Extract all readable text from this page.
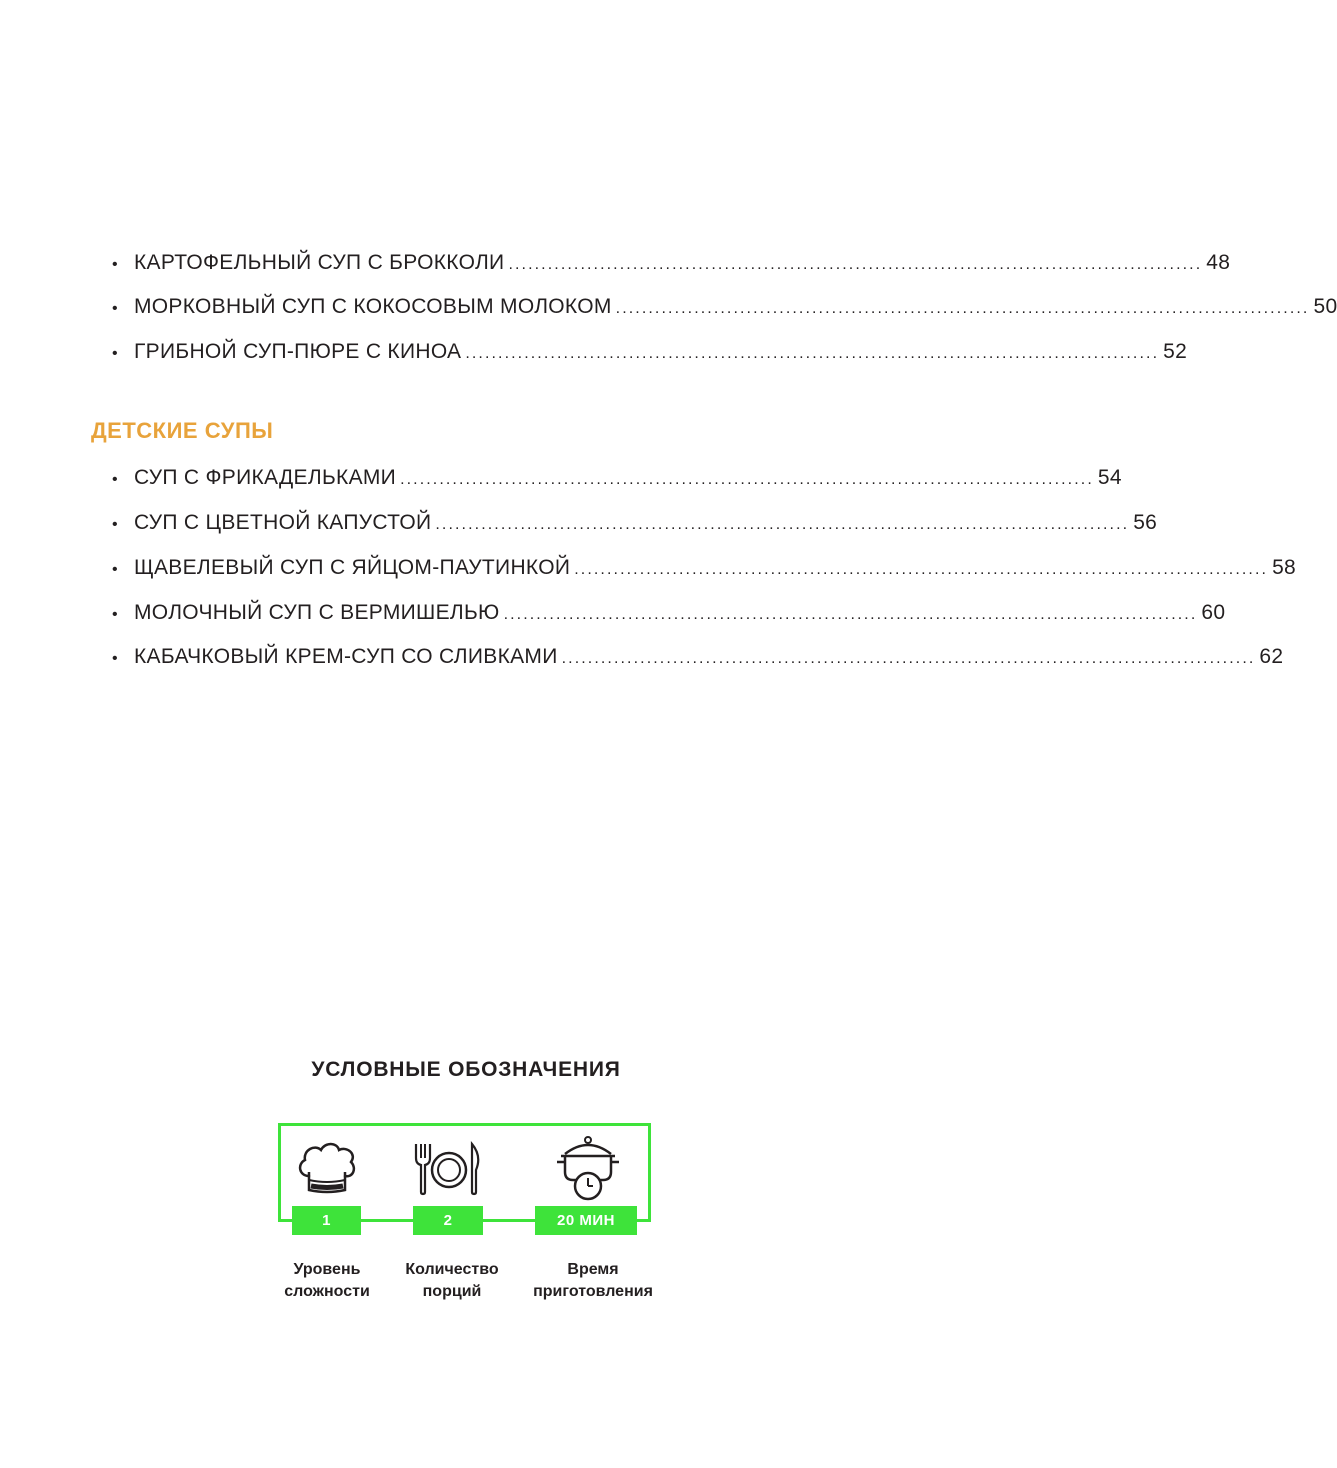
• КАРТОФЕЛЬНЫЙ СУП С БРОККОЛИ .......................................................................................................... 48
• МОРКОВНЫЙ СУП С КОКОСОВЫМ МОЛОКОМ .......................................................................................................... 50
• ГРИБНОЙ СУП-ПЮРЕ С КИНОА .......................................................................................................... 52
ДЕТСКИЕ СУПЫ
• СУП С ФРИКАДЕЛЬКАМИ .......................................................................................................... 54
• СУП С ЦВЕТНОЙ КАПУСТОЙ .......................................................................................................... 56
• ЩАВЕЛЕВЫЙ СУП С ЯЙЦОМ-ПАУТИНКОЙ .......................................................................................................... 58
• МОЛОЧНЫЙ СУП С ВЕРМИШЕЛЬЮ .......................................................................................................... 60
• КАБАЧКОВЫЙ КРЕМ-СУП СО СЛИВКАМИ .......................................................................................................... 62
УСЛОВНЫЕ ОБОЗНАЧЕНИЯ
1	2	20 МИН
Уровень
сложности
Количество
порций
Время
приготовления
